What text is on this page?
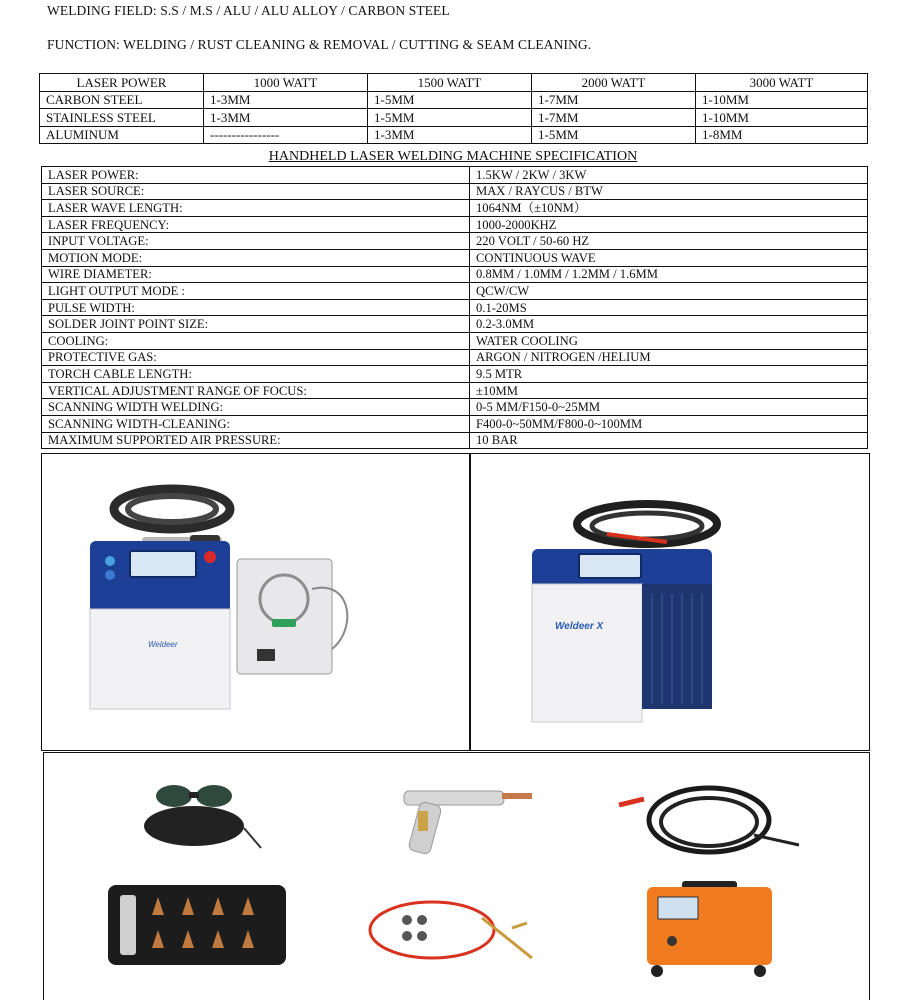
WELDING FIELD: S.S / M.S / ALU / ALU ALLOY / CARBON STEEL
FUNCTION: WELDING / RUST CLEANING & REMOVAL / CUTTING & SEAM CLEANING.
LASER POWER	1000 WATT	1500 WATT	2000 WATT	3000 WATT
CARBON STEEL	1-3MM	1-5MM	1-7MM	1-10MM
STAINLESS STEEL	1-3MM	1-5MM	1-7MM	1-10MM
ALUMINUM	----------------	1-3MM	1-5MM	1-8MM
HANDHELD LASER WELDING MACHINE SPECIFICATION
LASER POWER:	1.5KW / 2KW / 3KW
LASER SOURCE:	MAX / RAYCUS / BTW
LASER WAVE LENGTH:	1064NM（±10NM）
LASER FREQUENCY:	1000-2000KHZ
INPUT VOLTAGE:	220 VOLT / 50-60 HZ
MOTION MODE:	CONTINUOUS WAVE
WIRE DIAMETER:	0.8MM / 1.0MM / 1.2MM / 1.6MM
LIGHT OUTPUT MODE :	QCW/CW
PULSE WIDTH:	0.1-20MS
SOLDER JOINT POINT SIZE:	0.2-3.0MM
COOLING:	WATER COOLING
PROTECTIVE GAS:	ARGON / NITROGEN /HELIUM
TORCH CABLE LENGTH:	9.5 MTR
VERTICAL ADJUSTMENT RANGE OF FOCUS:	±10MM
SCANNING WIDTH WELDING:	0-5 MM/F150-0~25MM
SCANNING WIDTH-CLEANING:	F400-0~50MM/F800-0~100MM
MAXIMUM SUPPORTED AIR PRESSURE:	10 BAR
Weldeer
Weldeer X
